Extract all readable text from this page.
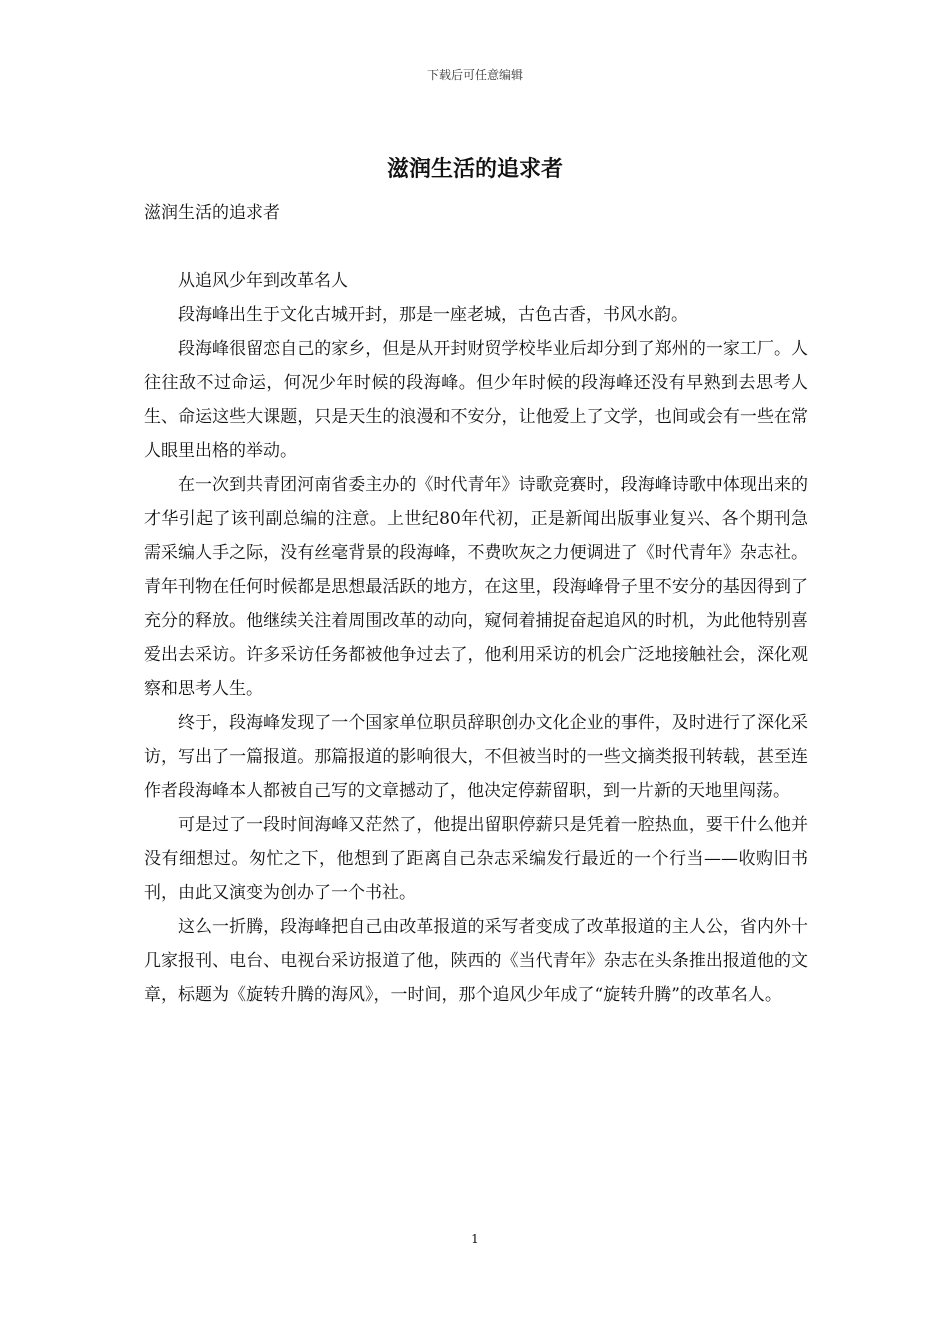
下载后可任意编辑
滋润生活的追求者

滋润生活的追求者

从追风少年到改革名人

段海峰出生于文化古城开封，那是一座老城，古色古香，书风水韵。

段海峰很留恋自己的家乡，但是从开封财贸学校毕业后却分到了郑州的一家工厂。人往往敌不过命运，何况少年时候的段海峰。但少年时候的段海峰还没有早熟到去思考人生、命运这些大课题，只是天生的浪漫和不安分，让他爱上了文学，也间或会有一些在常人眼里出格的举动。

在一次到共青团河南省委主办的《时代青年》诗歌竞赛时，段海峰诗歌中体现出来的才华引起了该刊副总编的注意。上世纪80年代初，正是新闻出版事业复兴、各个期刊急需采编人手之际，没有丝毫背景的段海峰，不费吹灰之力便调进了《时代青年》杂志社。青年刊物在任何时候都是思想最活跃的地方，在这里，段海峰骨子里不安分的基因得到了充分的释放。他继续关注着周围改革的动向，窥伺着捕捉奋起追风的时机，为此他特别喜爱出去采访。许多采访任务都被他争过去了，他利用采访的机会广泛地接触社会，深化观察和思考人生。

终于，段海峰发现了一个国家单位职员辞职创办文化企业的事件，及时进行了深化采访，写出了一篇报道。那篇报道的影响很大，不但被当时的一些文摘类报刊转载，甚至连作者段海峰本人都被自己写的文章撼动了，他决定停薪留职，到一片新的天地里闯荡。

可是过了一段时间海峰又茫然了，他提出留职停薪只是凭着一腔热血，要干什么他并没有细想过。匆忙之下，他想到了距离自己杂志采编发行最近的一个行当——收购旧书刊，由此又演变为创办了一个书社。

这么一折腾，段海峰把自己由改革报道的采写者变成了改革报道的主人公，省内外十几家报刊、电台、电视台采访报道了他，陕西的《当代青年》杂志在头条推出报道他的文章，标题为《旋转升腾的海风》，一时间，那个追风少年成了“旋转升腾”的改革名人。

1
